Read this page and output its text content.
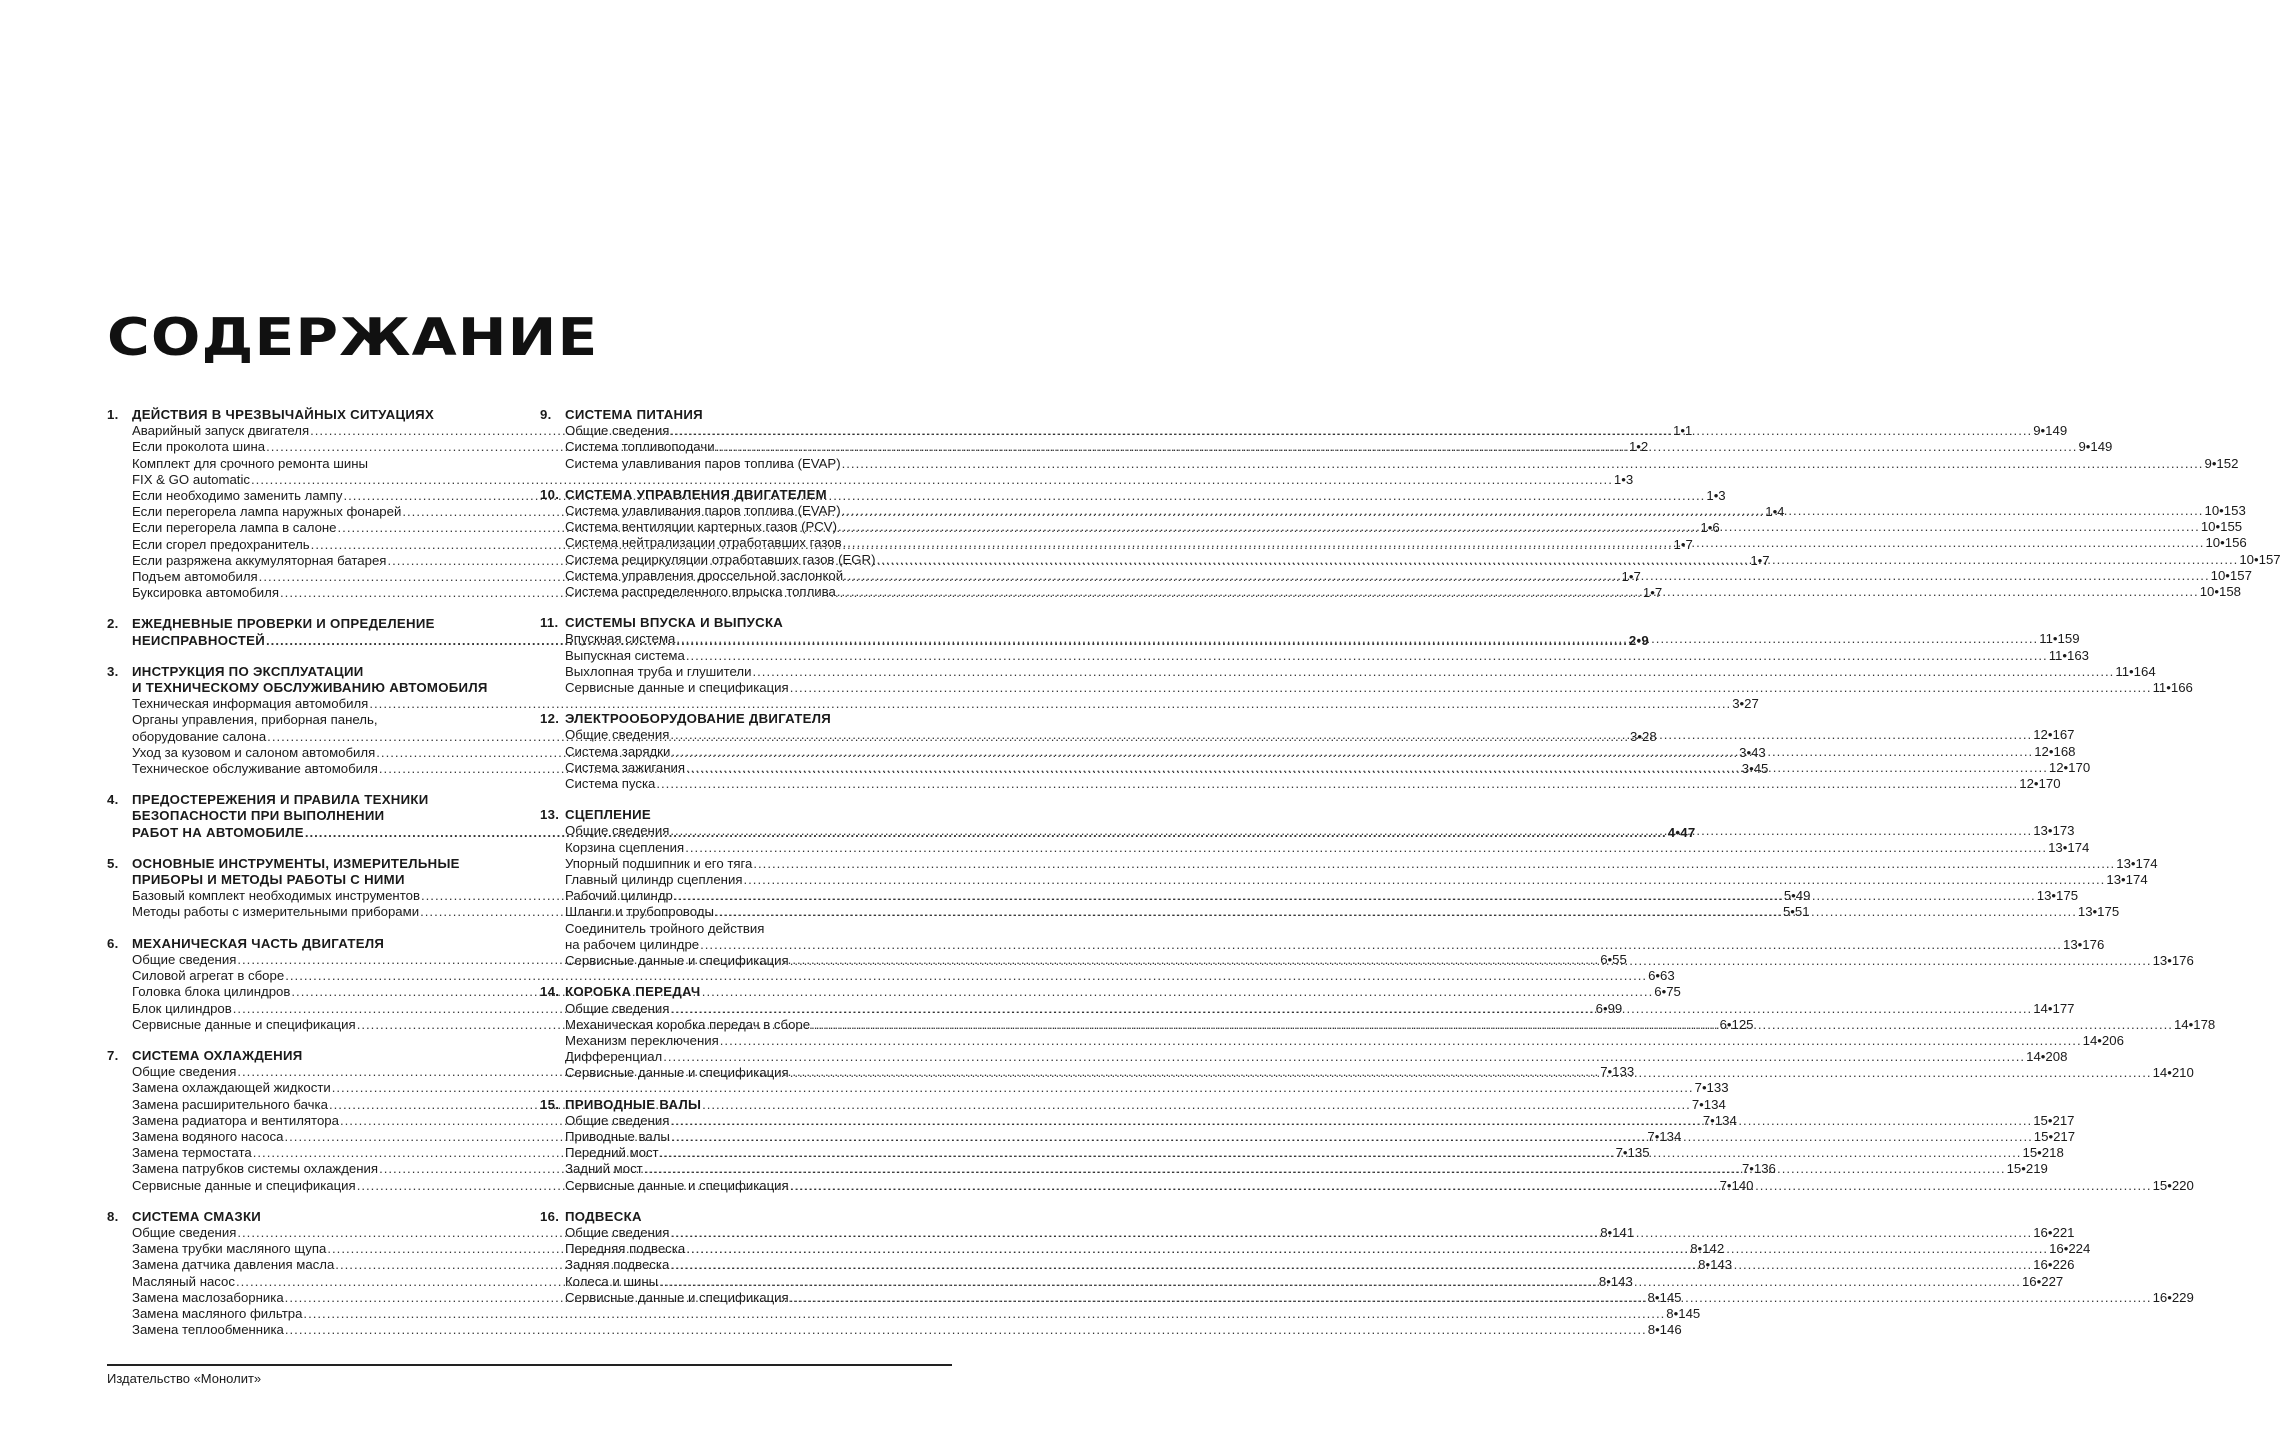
СОДЕРЖАНИЕ
1.	ДЕЙСТВИЯ В ЧРЕЗВЫЧАЙНЫХ СИТУАЦИЯХ
Аварийный запуск двигателя .....	1•1
Если проколота шина .....	1•2
Комплект для срочного ремонта шины
FIX & GO automatic .....	1•3
Если необходимо заменить лампу .....	1•3
Если перегорела лампа наружных фонарей .....	1•4
Если перегорела лампа в салоне .....	1•6
Если сгорел предохранитель .....	1•7
Если разряжена аккумуляторная батарея .....	1•7
Подъем автомобиля .....	1•7
Буксировка автомобиля .....	1•7
2.	ЕЖЕДНЕВНЫЕ ПРОВЕРКИ И ОПРЕДЕЛЕНИЕ
НЕИСПРАВНОСТЕЙ .....	2•9
3.	ИНСТРУКЦИЯ ПО ЭКСПЛУАТАЦИИ
И ТЕХНИЧЕСКОМУ ОБСЛУЖИВАНИЮ АВТОМОБИЛЯ
Техническая информация автомобиля .....	3•27
Органы управления, приборная панель,
оборудование салона .....	3•28
Уход за кузовом и салоном автомобиля .....	3•43
Техническое обслуживание автомобиля .....	3•45
4.	ПРЕДОСТЕРЕЖЕНИЯ И ПРАВИЛА ТЕХНИКИ
БЕЗОПАСНОСТИ ПРИ ВЫПОЛНЕНИИ
РАБОТ НА АВТОМОБИЛЕ .....	4•47
5.	ОСНОВНЫЕ ИНСТРУМЕНТЫ, ИЗМЕРИТЕЛЬНЫЕ
ПРИБОРЫ И МЕТОДЫ РАБОТЫ С НИМИ
Базовый комплект необходимых инструментов .....	5•49
Методы работы с измерительными приборами .....	5•51
6.	МЕХАНИЧЕСКАЯ ЧАСТЬ ДВИГАТЕЛЯ
Общие сведения .....	6•55
Силовой агрегат в сборе .....	6•63
Головка блока цилиндров .....	6•75
Блок цилиндров .....	6•99
Сервисные данные и спецификация .....	6•125
7.	СИСТЕМА ОХЛАЖДЕНИЯ
Общие сведения .....	7•133
Замена охлаждающей жидкости .....	7•133
Замена расширительного бачка .....	7•134
Замена радиатора и вентилятора .....	7•134
Замена водяного насоса .....	7•134
Замена термостата .....	7•135
Замена патрубков системы охлаждения .....	7•136
Сервисные данные и спецификация .....	7•140
8.	СИСТЕМА СМАЗКИ
Общие сведения .....	8•141
Замена трубки масляного щупа .....	8•142
Замена датчика давления масла .....	8•143
Масляный насос .....	8•143
Замена маслозаборника .....	8•145
Замена масляного фильтра .....	8•145
Замена теплообменника .....	8•146
9.	СИСТЕМА ПИТАНИЯ
Общие сведения .....	9•149
Система топливоподачи .....	9•149
Система улавливания паров топлива (EVAP) .....	9•152
10. СИСТЕМА УПРАВЛЕНИЯ ДВИГАТЕЛЕМ
Система улавливания паров топлива (EVAP) .....	10•153
Система вентиляции картерных газов (PCV) .....	10•155
Система нейтрализации отработавших газов .....	10•156
Система рециркуляции отработавших газов (EGR) .....	10•157
Система управления дроссельной заслонкой. .....	10•157
Система распределенного впрыска топлива .....	10•158
11. СИСТЕМЫ ВПУСКА И ВЫПУСКА
Впускная система .....	11•159
Выпускная система .....	11•163
Выхлопная труба и глушители .....	11•164
Сервисные данные и спецификация .....	11•166
12. ЭЛЕКТРООБОРУДОВАНИЕ ДВИГАТЕЛЯ
Общие сведения .....	12•167
Система зарядки .....	12•168
Система зажигания .....	12•170
Система пуска .....	12•170
13. СЦЕПЛЕНИЕ
Общие сведения .....	13•173
Корзина сцепления .....	13•174
Упорный подшипник и его тяга .....	13•174
Главный цилиндр сцепления .....	13•174
Рабочий цилиндр .....	13•175
Шланги и трубопроводы .....	13•175
Соединитель тройного действия
на рабочем цилиндре .....	13•176
Сервисные данные и спецификация .....	13•176
14. КОРОБКА ПЕРЕДАЧ
Общие сведения .....	14•177
Механическая коробка передач в сборе .....	14•178
Механизм переключения .....	14•206
Дифференциал .....	14•208
Сервисные данные и спецификация .....	14•210
15. ПРИВОДНЫЕ ВАЛЫ
Общие сведения .....	15•217
Приводные валы .....	15•217
Передний мост .....	15•218
Задний мост .....	15•219
Сервисные данные и спецификация .....	15•220
16. ПОДВЕСКА
Общие сведения .....	16•221
Передняя подвеска .....	16•224
Задняя подвеска .....	16•226
Колеса и шины .....	16•227
Сервисные данные и спецификация .....	16•229
Издательство «Монолит»
